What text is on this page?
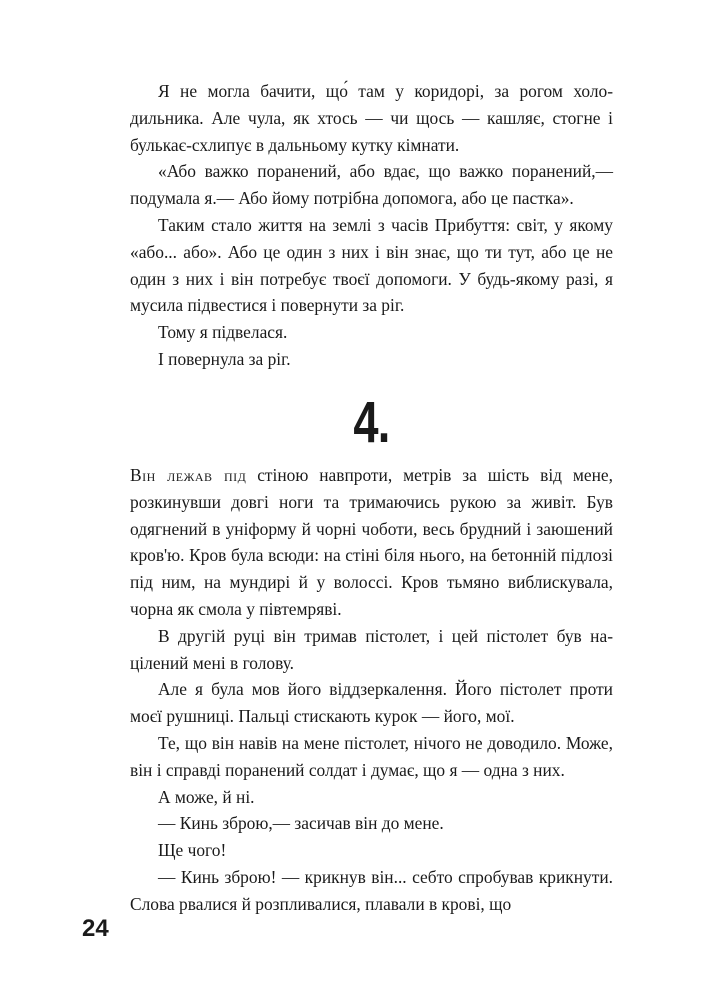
Я не могла бачити, що́ там у коридорі, за рогом холодильника. Але чула, як хтось — чи щось — кашляє, стогне і булькає-схлипує в дальньому кутку кімнати.

«Або важко поранений, або вдає, що важко поранений,— подумала я.— Або йому потрібна допомога, або це пастка».

Таким стало життя на землі з часів Прибуття: світ, у якому «або... або». Або це один з них і він знає, що ти тут, або це не один з них і він потребує твоєї допомоги. У будь-якому разі, я мусила підвестися і повернути за ріг.

Тому я підвелася.

І повернула за ріг.

4.

Він лежав під стіною навпроти, метрів за шість від мене, розкинувши довгі ноги та тримаючись рукою за живіт. Був одягнений в уніформу й чорні чоботи, весь брудний і заюшений кров'ю. Кров була всюди: на стіні біля нього, на бетонній підлозі під ним, на мундирі й у волоссі. Кров тьмяно виблискувала, чорна як смола у півтемряві.

В другій руці він тримав пістолет, і цей пістолет був націлений мені в голову.

Але я була мов його віддзеркалення. Його пістолет проти моєї рушниці. Пальці стискають курок — його, мої.

Те, що він навів на мене пістолет, нічого не доводило. Може, він і справді поранений солдат і думає, що я — одна з них.

А може, й ні.

— Кинь зброю,— засичав він до мене.

Ще чого!

— Кинь зброю! — крикнув він... себто спробував крикнути. Слова рвалися й розпливалися, плавали в крові, що

24
